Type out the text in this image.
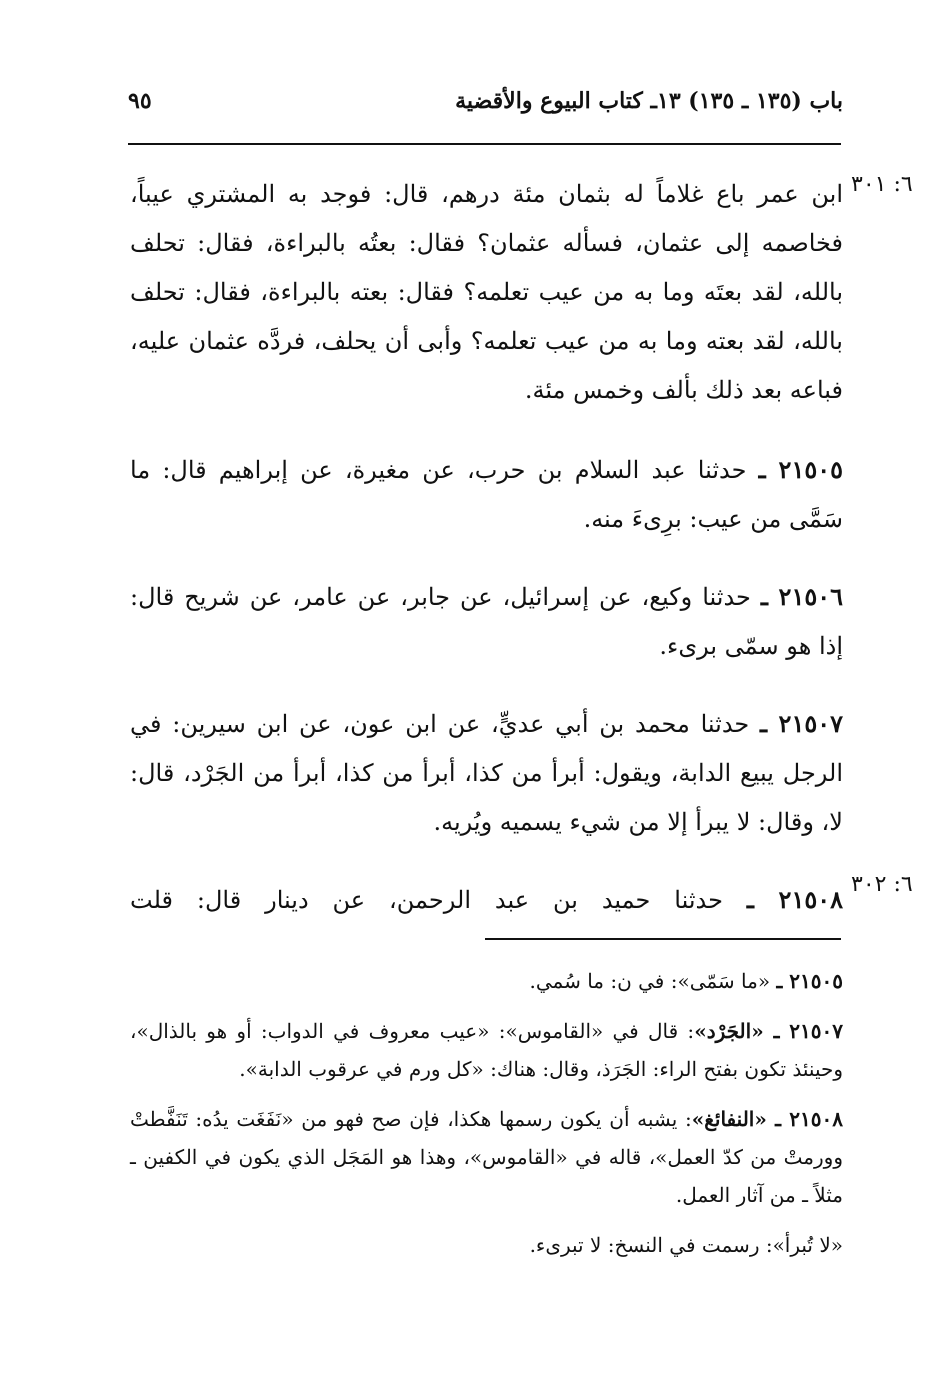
باب (١٣٥ ـ ١٣٥) ١٣ـ كتاب البيوع والأقضية
٩٥
٦: ٣٠١
٦: ٣٠٢

ابن عمر باع غلاماً له بثمان مئة درهم، قال: فوجد به المشتري عيباً، فخاصمه إلى عثمان، فسأله عثمان؟ فقال: بعتُه بالبراءة، فقال: تحلف بالله، لقد بعتَه وما به من عيب تعلمه؟ فقال: بعته بالبراءة، فقال: تحلف بالله، لقد بعته وما به من عيب تعلمه؟ وأبى أن يحلف، فردَّه عثمان عليه، فباعه بعد ذلك بألف وخمس مئة.

٢١٥٠٥ ـ حدثنا عبد السلام بن حرب، عن مغيرة، عن إبراهيم قال: ما سَمَّى من عيب: برِىءَ منه.

٢١٥٠٦ ـ حدثنا وكيع، عن إسرائيل، عن جابر، عن عامر، عن شريح قال: إذا هو سمّى برىء.

٢١٥٠٧ ـ حدثنا محمد بن أبي عديٍّ، عن ابن عون، عن ابن سيرين: في الرجل يبيع الدابة، ويقول: أبرأ من كذا، أبرأ من كذا، أبرأ من الجَرْد، قال: لا، وقال: لا يبرأ إلا من شيء يسميه ويُريه.

٢١٥٠٨ ـ حدثنا حميد بن عبد الرحمن، عن دينار قال: قلت

٢١٥٠٥ ـ «ما سَمّى»: في ن: ما سُمي.

٢١٥٠٧ ـ «الجَرْد»: قال في «القاموس»: «عيب معروف في الدواب: أو هو بالذال»، وحينئذ تكون بفتح الراء: الجَرَذ، وقال: هناك: «كل ورم في عرقوب الدابة».

٢١٥٠٨ ـ «النفائغ»: يشبه أن يكون رسمها هكذا، فإن صح فهو من «نَفَغَت يدُه: تَنَفَّطتْ وورمتْ من كدّ العمل»، قاله في «القاموس»، وهذا هو المَجَل الذي يكون في الكفين ـ مثلاً ـ من آثار العمل.

«لا تُبرأ»: رسمت في النسخ: لا تبرىء.
